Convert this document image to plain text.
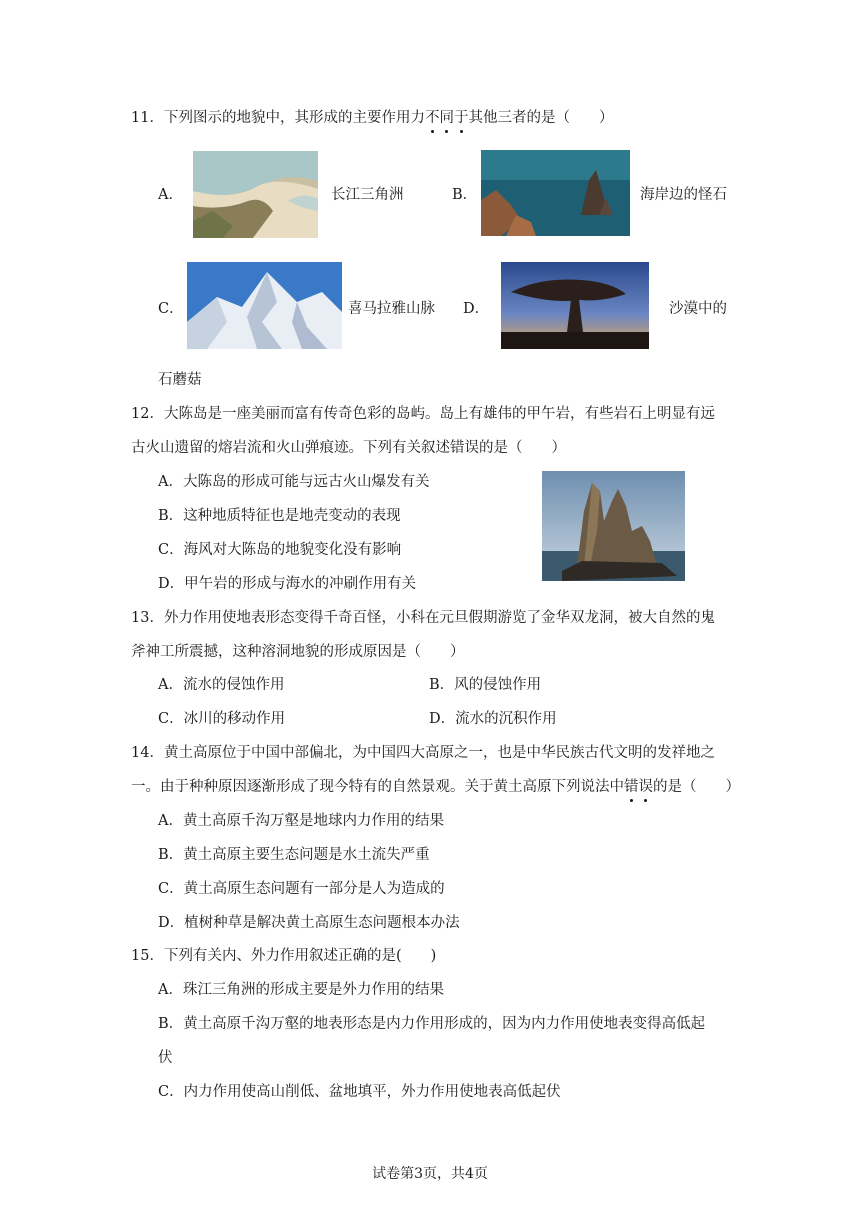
11．下列图示的地貌中，其形成的主要作用力不同于其他三者的是（　　）
A．	长江三角洲	B．	海岸边的怪石
C．	喜马拉雅山脉 D．	沙漠中的
石蘑菇
12．大陈岛是一座美丽而富有传奇色彩的岛屿。岛上有雄伟的甲午岩，有些岩石上明显有远
古火山遗留的熔岩流和火山弹痕迹。下列有关叙述错误的是（　　）
A．大陈岛的形成可能与远古火山爆发有关
B．这种地质特征也是地壳变动的表现
C．海风对大陈岛的地貌变化没有影响
D．甲午岩的形成与海水的冲刷作用有关
13．外力作用使地表形态变得千奇百怪，小科在元旦假期游览了金华双龙洞，被大自然的鬼
斧神工所震撼，这种溶洞地貌的形成原因是（　　）
A．流水的侵蚀作用	B．风的侵蚀作用
C．冰川的移动作用	D．流水的沉积作用
14．黄土高原位于中国中部偏北，为中国四大高原之一，也是中华民族古代文明的发祥地之
一。由于种种原因逐渐形成了现今特有的自然景观。关于黄土高原下列说法中错误的是（　　）
A．黄土高原千沟万壑是地球内力作用的结果
B．黄土高原主要生态问题是水土流失严重
C．黄土高原生态问题有一部分是人为造成的
D．植树种草是解决黄土高原生态问题根本办法
15．下列有关内、外力作用叙述正确的是(　　)
A．珠江三角洲的形成主要是外力作用的结果
B．黄土高原千沟万壑的地表形态是内力作用形成的，因为内力作用使地表变得高低起
伏
C．内力作用使高山削低、盆地填平，外力作用使地表高低起伏
试卷第3页，共4页
